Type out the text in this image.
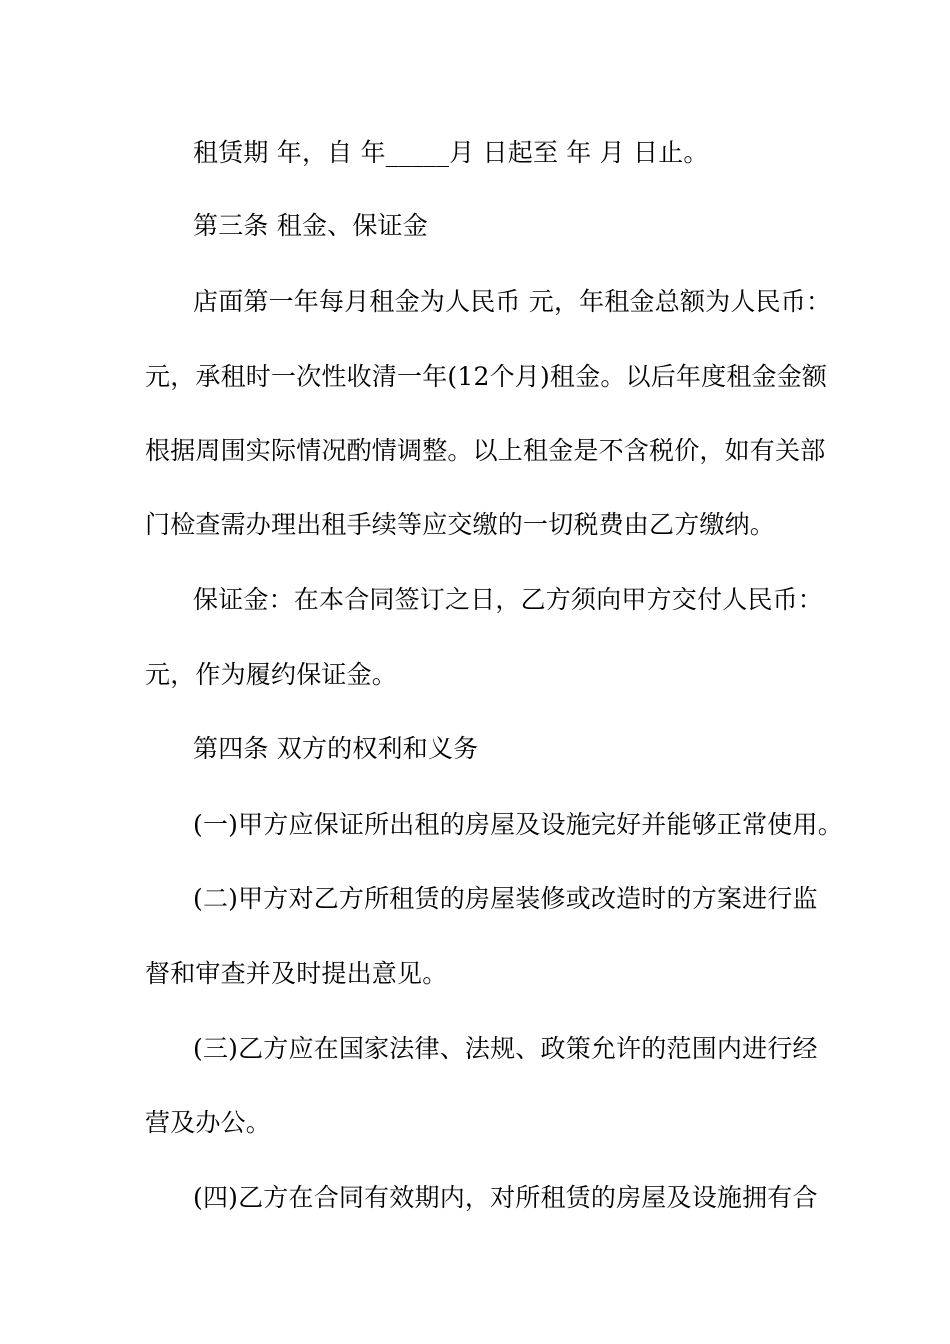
租赁期 年，自 年_____月 日起至 年 月 日止。
第三条 租金、保证金
店面第一年每月租金为人民币 元，年租金总额为人民币：
元，承租时一次性收清一年(12个月)租金。以后年度租金金额
根据周围实际情况酌情调整。以上租金是不含税价，如有关部
门检查需办理出租手续等应交缴的一切税费由乙方缴纳。
保证金：在本合同签订之日，乙方须向甲方交付人民币：
元，作为履约保证金。
第四条 双方的权利和义务
(一)甲方应保证所出租的房屋及设施完好并能够正常使用。
(二)甲方对乙方所租赁的房屋装修或改造时的方案进行监
督和审查并及时提出意见。
(三)乙方应在国家法律、法规、政策允许的范围内进行经
营及办公。
(四)乙方在合同有效期内，对所租赁的房屋及设施拥有合
